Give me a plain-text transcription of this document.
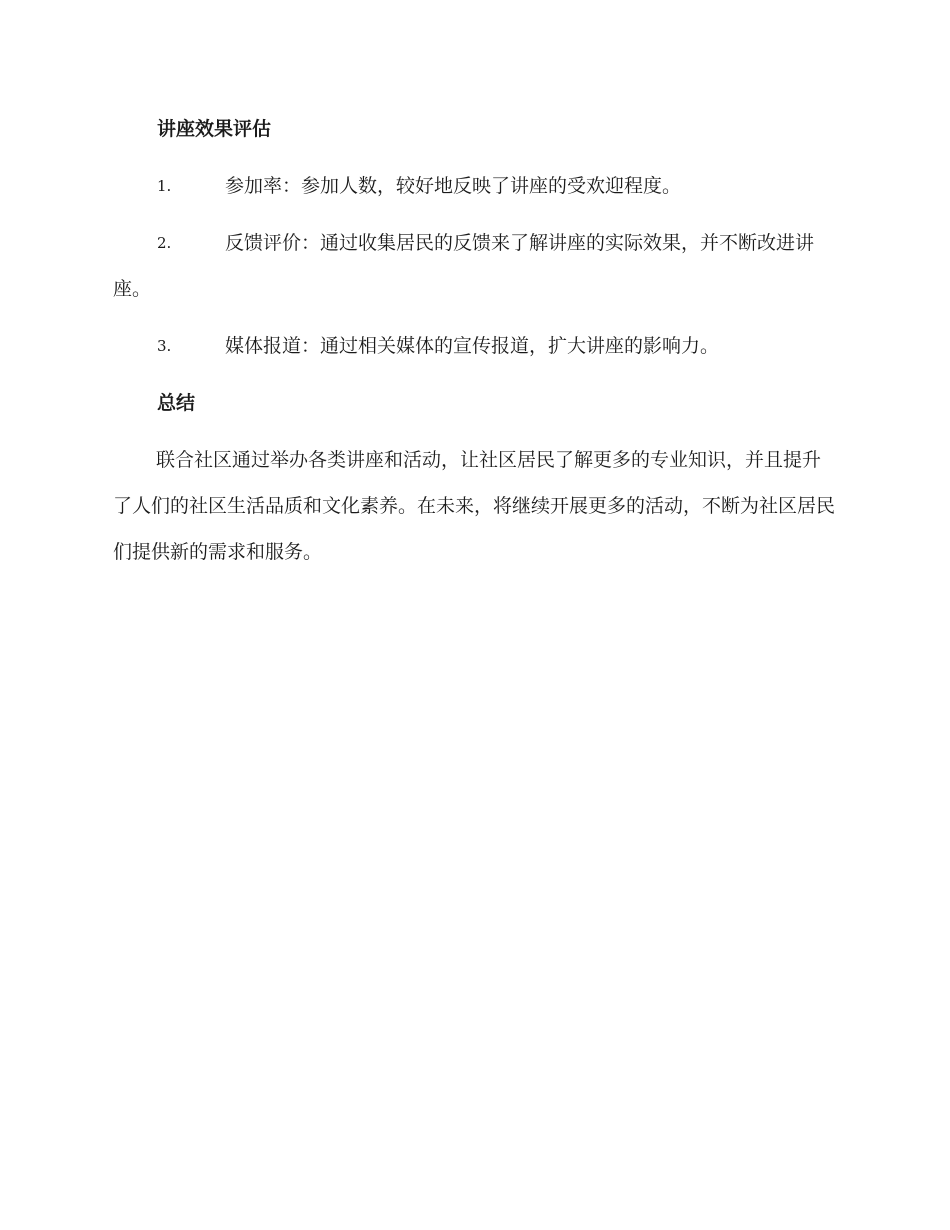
讲座效果评估
1.	参加率：参加人数，较好地反映了讲座的受欢迎程度。
2.	反馈评价：通过收集居民的反馈来了解讲座的实际效果，并不断改进讲座。
3.	媒体报道：通过相关媒体的宣传报道，扩大讲座的影响力。
总结

联合社区通过举办各类讲座和活动，让社区居民了解更多的专业知识，并且提升了人们的社区生活品质和文化素养。在未来，将继续开展更多的活动，不断为社区居民们提供新的需求和服务。
